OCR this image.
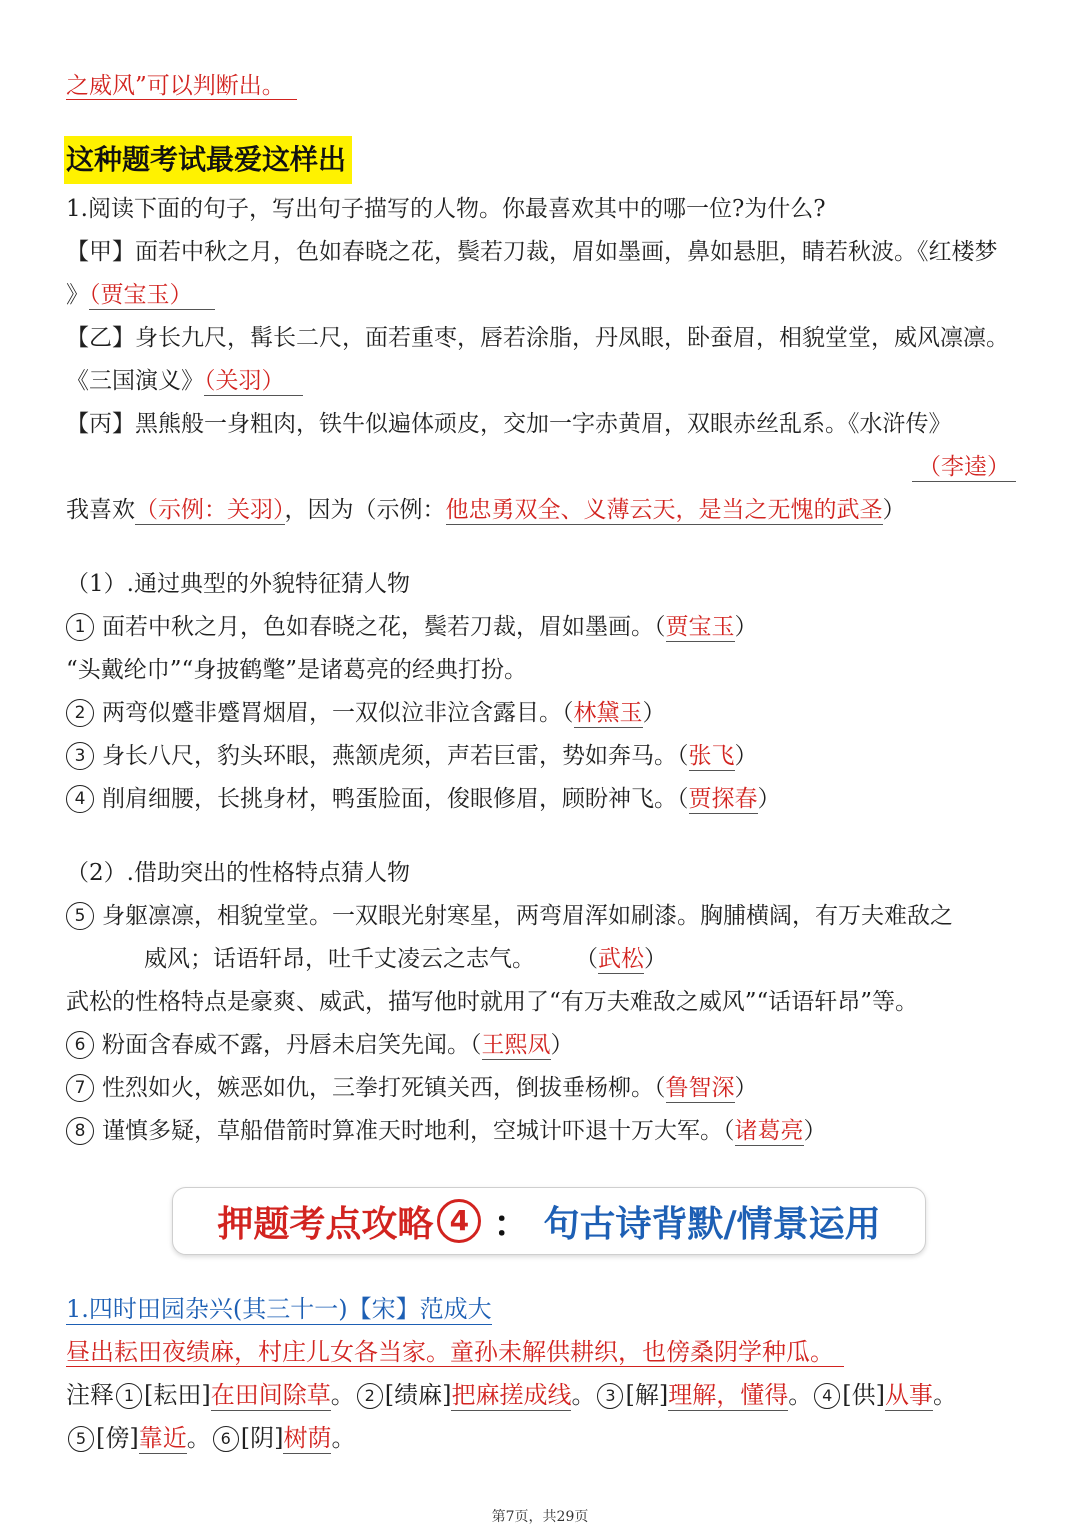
之威风”可以判断出。
这种题考试最爱这样出
1.阅读下面的句子，写出句子描写的人物。你最喜欢其中的哪一位?为什么?
【甲】面若中秋之月，色如春晓之花，鬓若刀裁，眉如墨画，鼻如悬胆，睛若秋波。《红楼梦
》（贾宝玉）
【乙】身长九尺，髯长二尺，面若重枣，唇若涂脂，丹凤眼，卧蚕眉，相貌堂堂，威风凛凛。
《三国演义》（关羽）
【丙】黑熊般一身粗肉，铁牛似遍体顽皮，交加一字赤黄眉，双眼赤丝乱系。《水浒传》
（李逵）
我喜欢（示例：关羽），因为（示例：他忠勇双全、义薄云天，是当之无愧的武圣）
（1）.通过典型的外貌特征猜人物
1 面若中秋之月，色如春晓之花，鬓若刀裁，眉如墨画。（贾宝玉）
“头戴纶巾”“身披鹤氅”是诸葛亮的经典打扮。
2 两弯似蹙非蹙罥烟眉，一双似泣非泣含露目。（林黛玉）
3 身长八尺，豹头环眼，燕颔虎须，声若巨雷，势如奔马。（张飞）
4 削肩细腰，长挑身材，鸭蛋脸面，俊眼修眉，顾盼神飞。（贾探春）
（2）.借助突出的性格特点猜人物
5 身躯凛凛，相貌堂堂。一双眼光射寒星，两弯眉浑如刷漆。胸脯横阔，有万夫难敌之
威风；话语轩昂，吐千丈凌云之志气。 （武松）
武松的性格特点是豪爽、威武，描写他时就用了“有万夫难敌之威风”“话语轩昂”等。
6 粉面含春威不露，丹唇未启笑先闻。（王熙凤）
7 性烈如火，嫉恶如仇，三拳打死镇关西，倒拔垂杨柳。（鲁智深）
8 谨慎多疑，草船借箭时算准天时地利，空城计吓退十万大军。（诸葛亮）
押题考点攻略 4 ： 句古诗背默/情景运用
1.四时田园杂兴(其三十一)【宋】范成大
昼出耘田夜绩麻，村庄儿女各当家。童孙未解供耕织，也傍桑阴学种瓜。
注释 1 [耘田]在田间除草。 2 [绩麻]把麻搓成线。 3 [解]理解，懂得。 4 [供]从事。
5 [傍]靠近。 6 [阴]树荫。
第7页，共29页
